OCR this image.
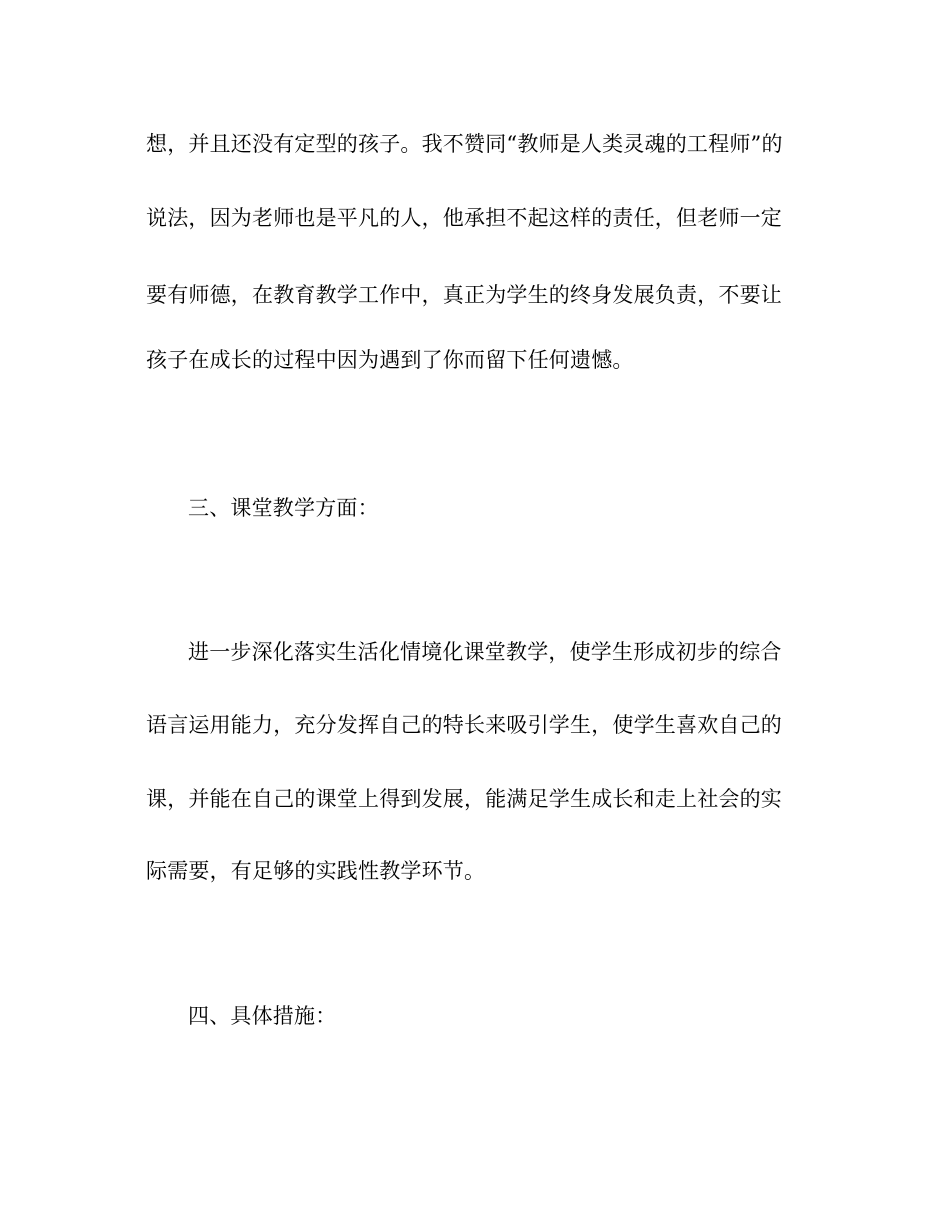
想，并且还没有定型的孩子。我不赞同“教师是人类灵魂的工程师”的
说法，因为老师也是平凡的人，他承担不起这样的责任，但老师一定
要有师德，在教育教学工作中，真正为学生的终身发展负责，不要让
孩子在成长的过程中因为遇到了你而留下任何遗憾。
三、课堂教学方面：
进一步深化落实生活化情境化课堂教学，使学生形成初步的综合
语言运用能力，充分发挥自己的特长来吸引学生，使学生喜欢自己的
课，并能在自己的课堂上得到发展，能满足学生成长和走上社会的实
际需要，有足够的实践性教学环节。
四、具体措施：
